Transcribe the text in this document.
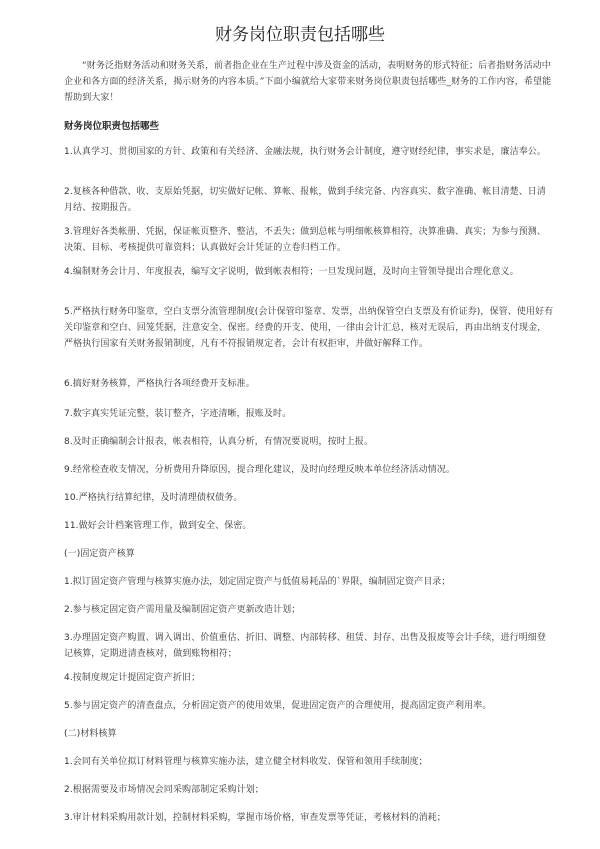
财务岗位职责包括哪些

“财务泛指财务活动和财务关系，前者指企业在生产过程中涉及资金的活动，表明财务的形式特征；后者指财务活动中企业和各方面的经济关系，揭示财务的内容本质。”下面小编就给大家带来财务岗位职责包括哪些_财务的工作内容，希望能帮助到大家！

财务岗位职责包括哪些

1.认真学习、贯彻国家的方针、政策和有关经济、金融法规，执行财务会计制度，遵守财经纪律，事实求是，廉洁奉公。

2.复核各种借款、收、支原始凭据，切实做好记帐、算帐、报帐，做到手续完备、内容真实、数字准确、帐目清楚、日清月结、按期报告。

3.管理好各类帐册、凭据，保证帐页整齐、整洁，不丢失；做到总帐与明细帐核算相符，决算准确、真实；为参与预测、决策、目标、考核提供可靠资料；认真做好会计凭证的立卷归档工作。

4.编制财务会计月、年度报表，编写文字说明，做到帐表相符；一旦发现问题，及时向主管领导提出合理化意义。

5.严格执行财务印鉴章，空白支票分流管理制度(会计保管印鉴章、发票，出纳保管空白支票及有价证券)，保管、使用好有关印鉴章和空白、回笼凭据，注意安全、保密。经费的开支、使用，一律由会计汇总，核对无误后，再由出纳支付现金，严格执行国家有关财务报销制度，凡有不符报销规定者，会计有权拒审，并做好解释工作。

6.搞好财务核算，严格执行各项经费开支标准。

7.数字真实凭证完整，装订整齐，字迹清晰，报账及时。

8.及时正确编制会计报表，帐表相符，认真分析，有情况要说明，按时上报。

9.经常检查收支情况，分析费用升降原因，提合理化建议，及时向经理反映本单位经济活动情况。

10.严格执行结算纪律，及时清理债权债务。

11.做好会计档案管理工作，做到安全、保密。

(一)固定资产核算

1.拟订固定资产管理与核算实施办法，划定固定资产与低值易耗品的`界限，编制固定资产目录；

2.参与核定固定资产需用量及编制固定资产更新改造计划；

3.办理固定资产购置、调入调出、价值重估、折旧、调整、内部转移、租赁、封存、出售及报废等会计手续，进行明细登记核算，定期进清查核对，做到账物相符；

4.按制度规定计提固定资产折旧；

5.参与固定资产的清查盘点，分析固定资产的使用效果，促进固定资产的合理使用，提高固定资产利用率。

(二)材料核算

1.会同有关单位拟订材料管理与核算实施办法，建立健全材料收发、保管和领用手续制度；

2.根据需要及市场情况会同采购部制定采购计划；

3.审计材料采购用款计划，控制材料采购，掌握市场价格，审查发票等凭证，考核材料的消耗；
